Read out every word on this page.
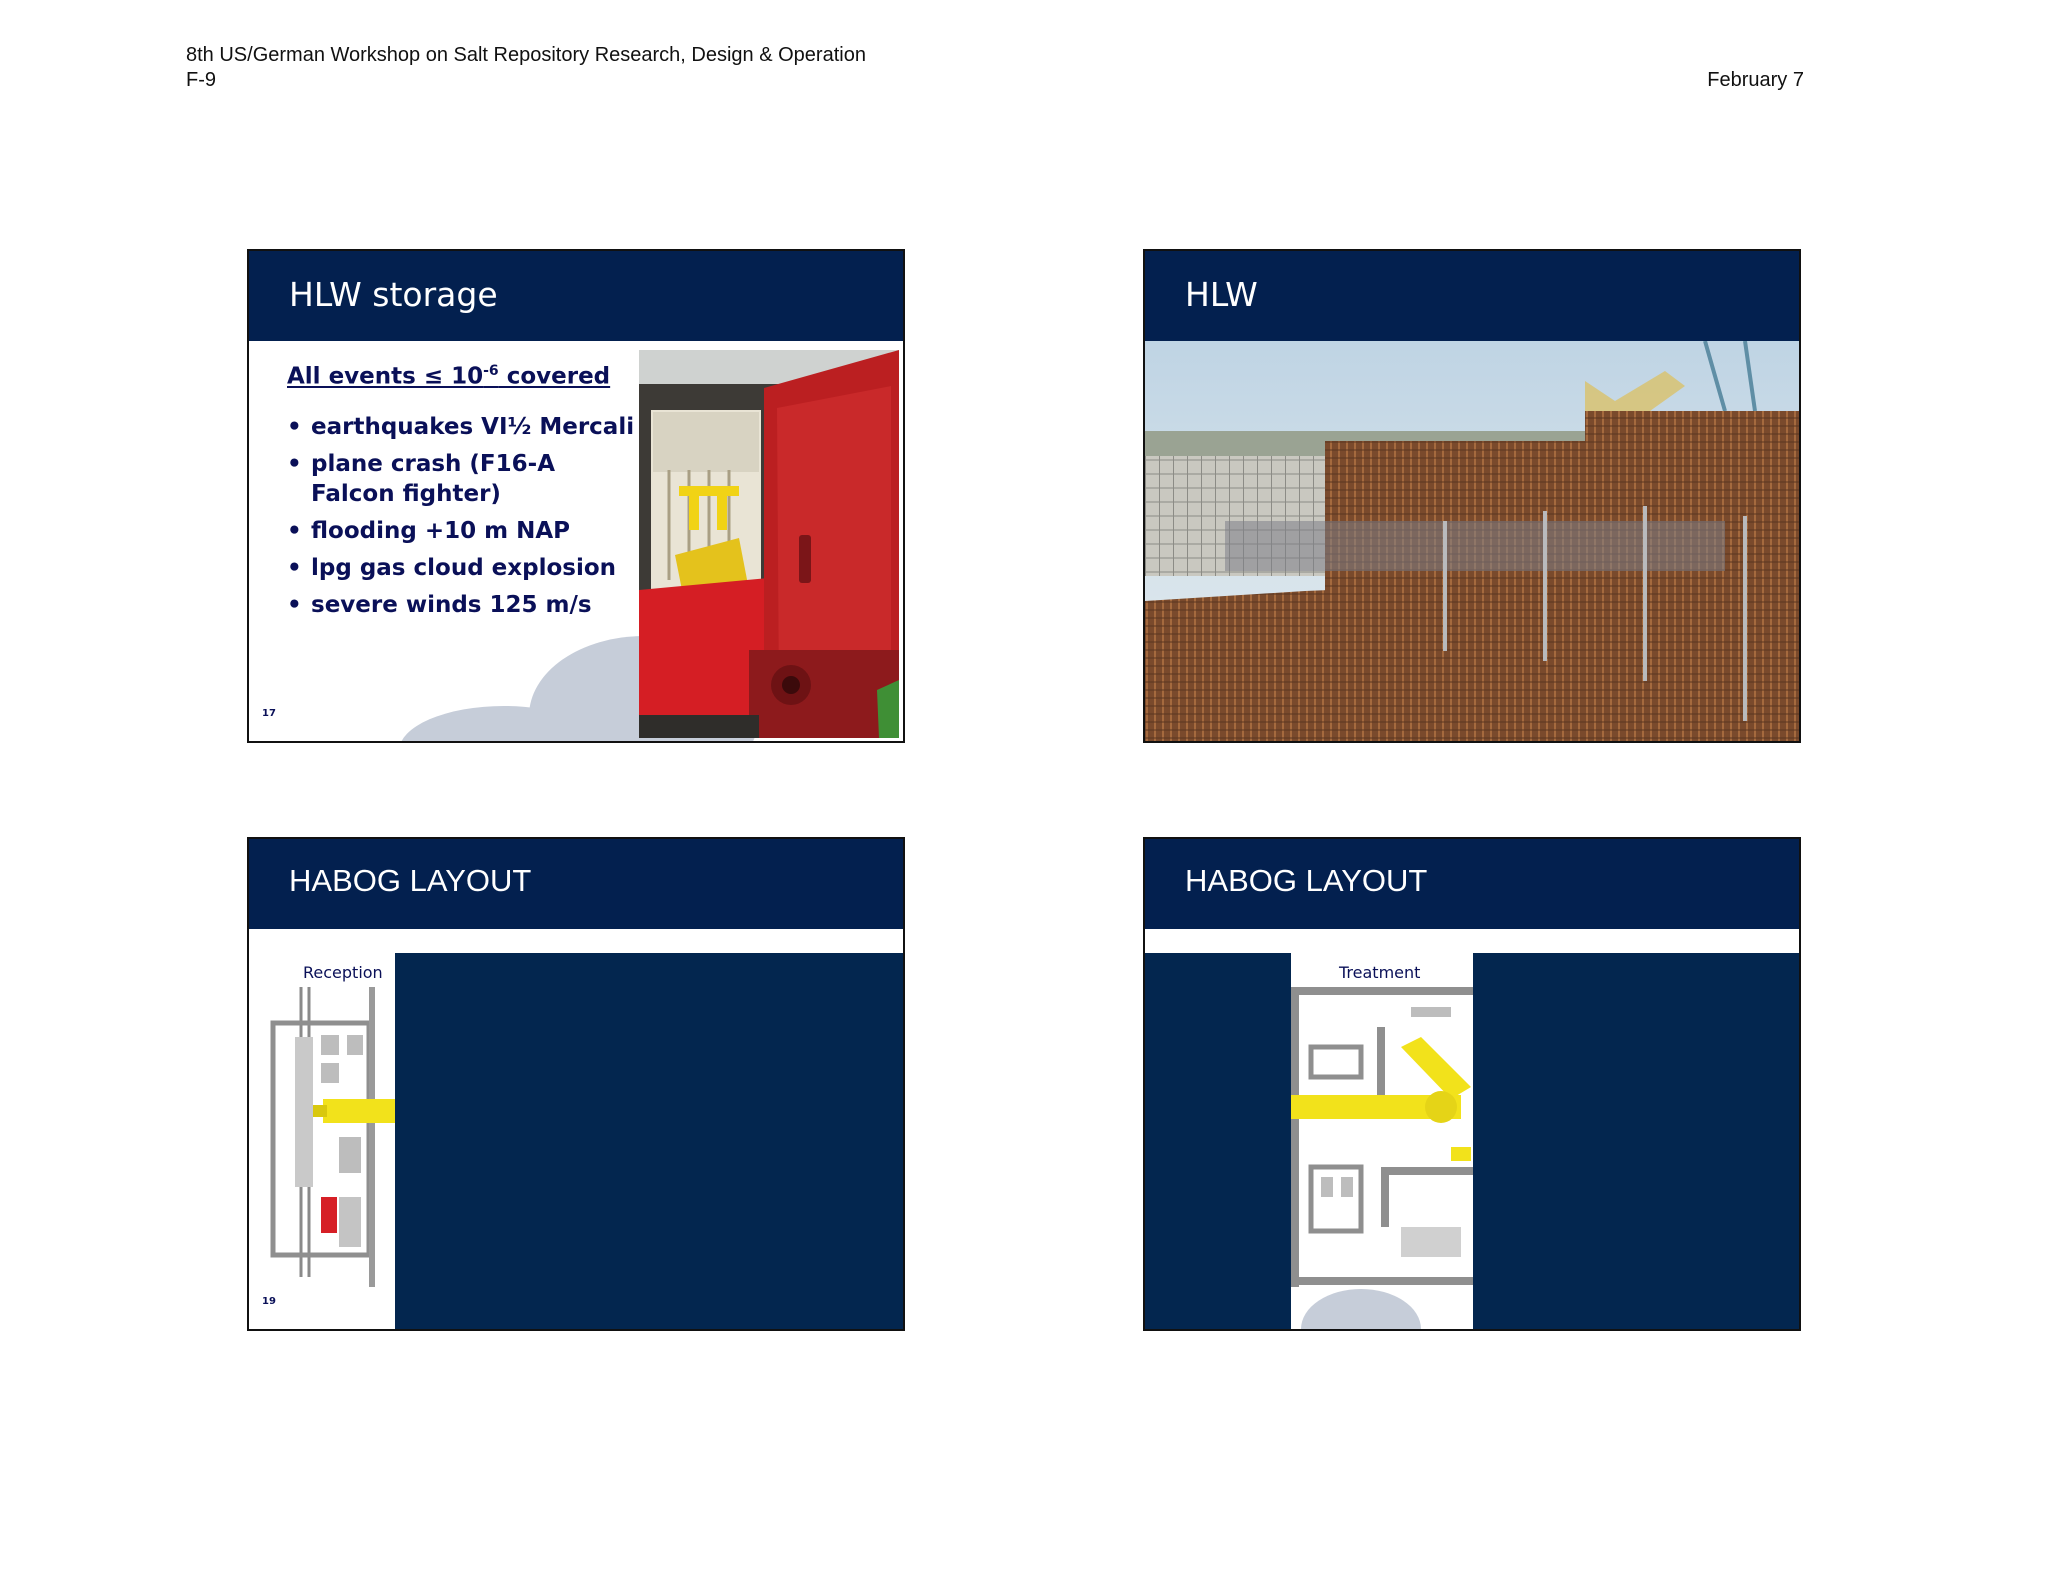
8th US/German Workshop on Salt Repository Research, Design & Operation
F-9	February 7
HLW storage
All events ≤ $10^{-6}$ covered
• earthquakes VI½ Mercali
• plane crash (F16-A Falcon fighter)
• flooding +10 m NAP
• lpg gas cloud explosion
• severe winds 125 m/s
17
HLW
HABOG LAYOUT
Reception
19
HABOG LAYOUT
Treatment
